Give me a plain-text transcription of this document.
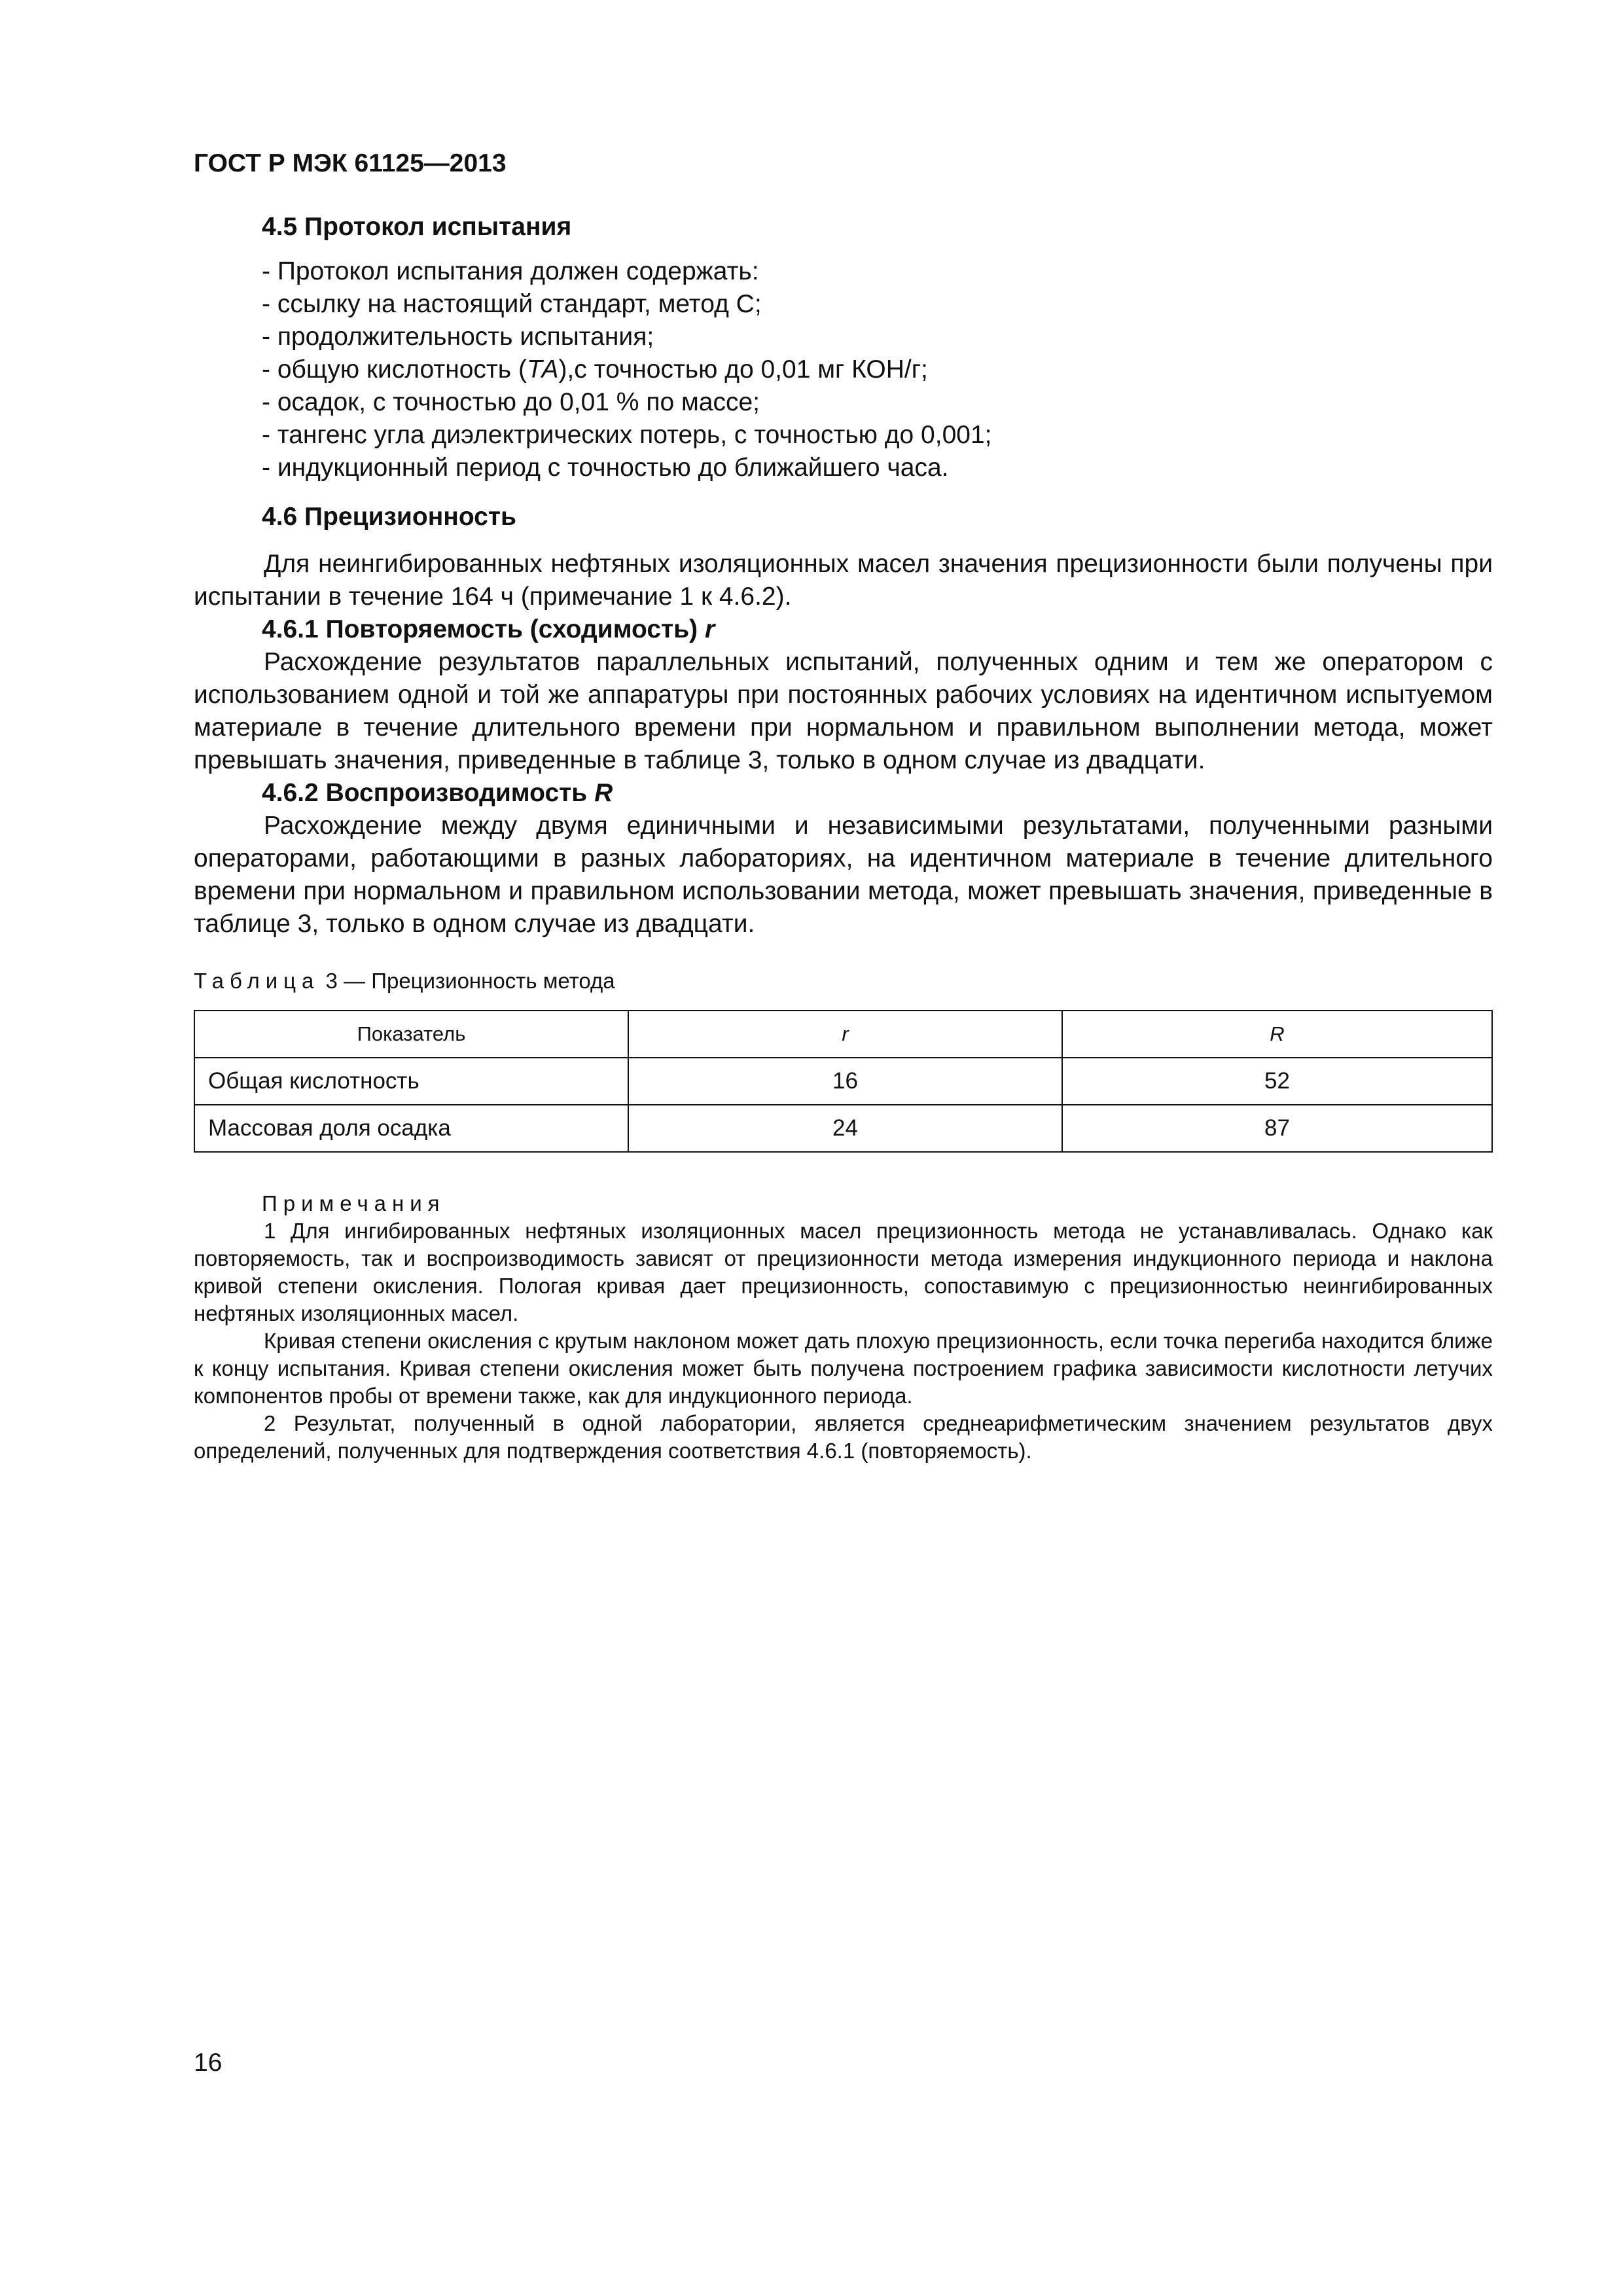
ГОСТ Р МЭК 61125—2013
4.5 Протокол испытания
- Протокол испытания должен содержать:
- ссылку на настоящий стандарт, метод С;
- продолжительность испытания;
- общую кислотность (ТА),с точностью до 0,01 мг КОН/г;
- осадок, с точностью до 0,01 % по массе;
- тангенс угла диэлектрических потерь, с точностью до 0,001;
- индукционный период с точностью до ближайшего часа.
4.6 Прецизионность
Для неингибированных нефтяных изоляционных масел значения прецизионности были получены при испытании в течение 164 ч (примечание 1 к 4.6.2).
4.6.1 Повторяемость (сходимость) r
Расхождение результатов параллельных испытаний, полученных одним и тем же оператором с использованием одной и той же аппаратуры при постоянных рабочих условиях на идентичном испытуемом материале в течение длительного времени при нормальном и правильном выполнении метода, может превышать значения, приведенные в таблице 3, только в одном случае из двадцати.
4.6.2 Воспроизводимость R
Расхождение между двумя единичными и независимыми результатами, полученными разными операторами, работающими в разных лабораториях, на идентичном материале в течение длительного времени при нормальном и правильном использовании метода, может превышать значения, приведенные в таблице 3, только в одном случае из двадцати.
Таблица 3 — Прецизионность метода
Показатель	r	R
Общая кислотность	16	52
Массовая доля осадка	24	87
Примечания
1 Для ингибированных нефтяных изоляционных масел прецизионность метода не устанавливалась. Однако как повторяемость, так и воспроизводимость зависят от прецизионности метода измерения индукционного периода и наклона кривой степени окисления. Пологая кривая дает прецизионность, сопоставимую с прецизионностью неингибированных нефтяных изоляционных масел.
Кривая степени окисления с крутым наклоном может дать плохую прецизионность, если точка перегиба находится ближе к концу испытания. Кривая степени окисления может быть получена построением графика зависимости кислотности летучих компонентов пробы от времени также, как для индукционного периода.
2 Результат, полученный в одной лаборатории, является среднеарифметическим значением результатов двух определений, полученных для подтверждения соответствия 4.6.1 (повторяемость).
16
